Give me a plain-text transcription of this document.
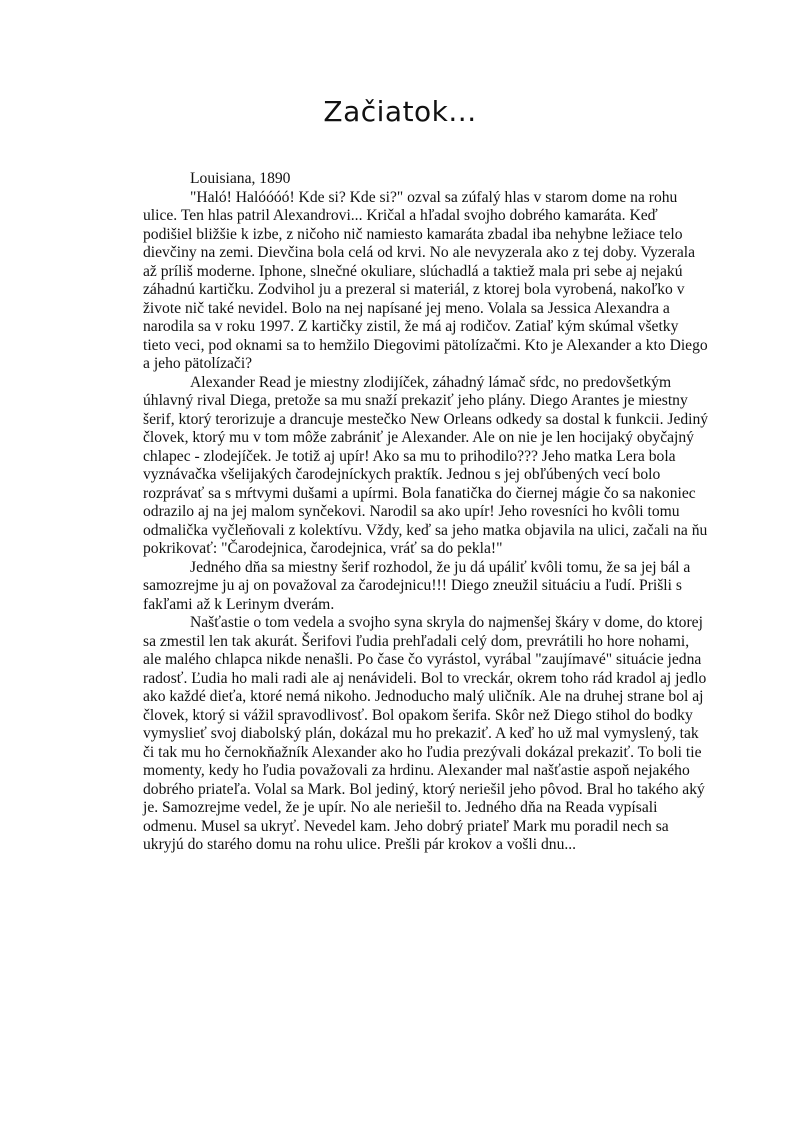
Začiatok...

Louisiana, 1890

"Haló! Halóóóó! Kde si? Kde si?" ozval sa zúfalý hlas v starom dome na rohu ulice. Ten hlas patril Alexandrovi... Kričal a hľadal svojho dobrého kamaráta. Keď podišiel bližšie k izbe, z ničoho nič namiesto kamaráta zbadal iba nehybne ležiace telo dievčiny na zemi. Dievčina bola celá od krvi. No ale nevyzerala ako z tej doby. Vyzerala až príliš moderne. Iphone, slnečné okuliare, slúchadlá a taktiež mala pri sebe aj nejakú záhadnú kartičku. Zodvihol ju a prezeral si materiál, z ktorej bola vyrobená, nakoľko v živote nič také nevidel. Bolo na nej napísané jej meno. Volala sa Jessica Alexandra a narodila sa v roku 1997. Z kartičky zistil, že má aj rodičov. Zatiaľ kým skúmal všetky tieto veci, pod oknami sa to hemžilo Diegovimi pätolízačmi. Kto je Alexander a kto Diego a jeho pätolízači?

Alexander Read je miestny zlodijíček, záhadný lámač sŕdc, no predovšetkým úhlavný rival Diega, pretože sa mu snaží prekaziť jeho plány. Diego Arantes je miestny šerif, ktorý terorizuje a drancuje mestečko New Orleans odkedy sa dostal k funkcii. Jediný človek, ktorý mu v tom môže zabrániť je Alexander. Ale on nie je len hocijaký obyčajný chlapec - zlodejíček. Je totiž aj upír! Ako sa mu to prihodilo??? Jeho matka Lera bola vyznávačka všelijakých čarodejníckych praktík. Jednou s jej obľúbených vecí bolo rozprávať sa s mŕtvymi dušami a upírmi. Bola fanatička do čiernej mágie čo sa nakoniec odrazilo aj na jej malom synčekovi. Narodil sa ako upír! Jeho rovesníci ho kvôli tomu odmalička vyčleňovali z kolektívu. Vždy, keď sa jeho matka objavila na ulici, začali na ňu pokrikovať: "Čarodejnica, čarodejnica, vráť sa do pekla!"

Jedného dňa sa miestny šerif rozhodol, že ju dá upáliť kvôli tomu, že sa jej bál a samozrejme ju aj on považoval za čarodejnicu!!! Diego zneužil situáciu a ľudí. Prišli s fakľami až k Lerinym dverám.

Našťastie o tom vedela a svojho syna skryla do najmenšej škáry v dome, do ktorej sa zmestil len tak akurát. Šerifovi ľudia prehľadali celý dom, prevrátili ho hore nohami, ale malého chlapca nikde nenašli. Po čase čo vyrástol, vyrábal "zaujímavé" situácie jedna radosť. Ľudia ho mali radi ale aj nenávideli. Bol to vreckár, okrem toho rád kradol aj jedlo ako každé dieťa, ktoré nemá nikoho. Jednoducho malý uličník. Ale na druhej strane bol aj človek, ktorý si vážil spravodlivosť. Bol opakom šerifa. Skôr než Diego stihol do bodky vymyslieť svoj diabolský plán, dokázal mu ho prekaziť. A keď ho už mal vymyslený, tak či tak mu ho černokňažník Alexander ako ho ľudia prezývali dokázal prekaziť. To boli tie momenty, kedy ho ľudia považovali za hrdinu. Alexander mal našťastie aspoň nejakého dobrého priateľa. Volal sa Mark. Bol jediný, ktorý neriešil jeho pôvod. Bral ho takého aký je. Samozrejme vedel, že je upír. No ale neriešil to. Jedného dňa na Reada vypísali odmenu. Musel sa ukryť. Nevedel kam. Jeho dobrý priateľ Mark mu poradil nech sa ukryjú do starého domu na rohu ulice. Prešli pár krokov a vošli dnu...
